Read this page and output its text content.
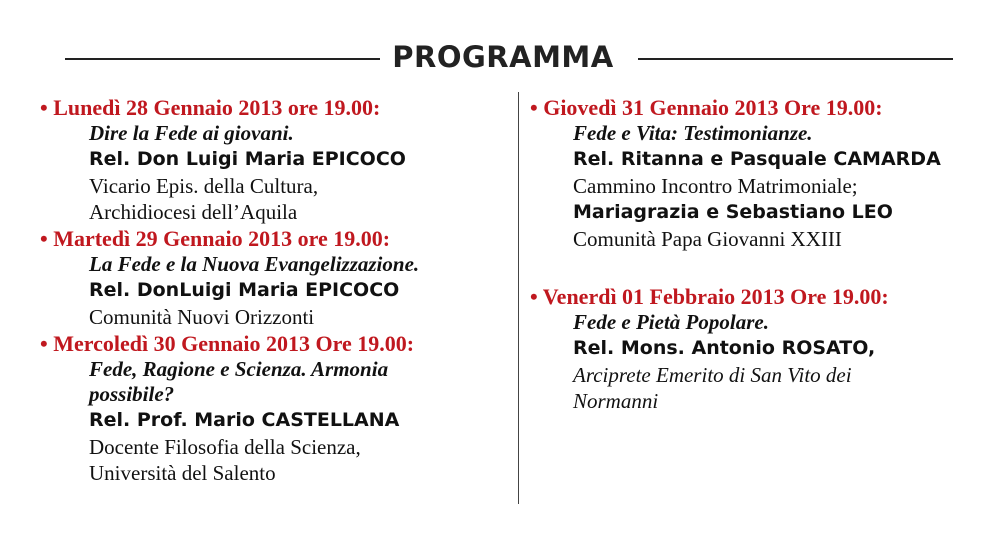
PROGRAMMA
• Lunedì 28 Gennaio 2013 ore 19.00:
Dire la Fede ai giovani.
Rel. Don Luigi Maria EPICOCO
Vicario Epis. della Cultura,
Archidiocesi dell’Aquila
• Martedì 29 Gennaio 2013 ore 19.00:
La Fede e la Nuova Evangelizzazione.
Rel. DonLuigi Maria EPICOCO
Comunità Nuovi Orizzonti
• Mercoledì 30 Gennaio 2013 Ore 19.00:
Fede, Ragione e Scienza. Armonia
possibile?
Rel. Prof. Mario CASTELLANA
Docente Filosofia della Scienza,
Università del Salento
• Giovedì 31 Gennaio 2013 Ore 19.00:
Fede e Vita: Testimonianze.
Rel. Ritanna e Pasquale CAMARDA
Cammino Incontro Matrimoniale;
Mariagrazia e Sebastiano LEO
Comunità Papa Giovanni XXIII
• Venerdì 01 Febbraio 2013 Ore 19.00:
Fede e Pietà Popolare.
Rel. Mons. Antonio ROSATO,
Arciprete Emerito di San Vito dei
Normanni
